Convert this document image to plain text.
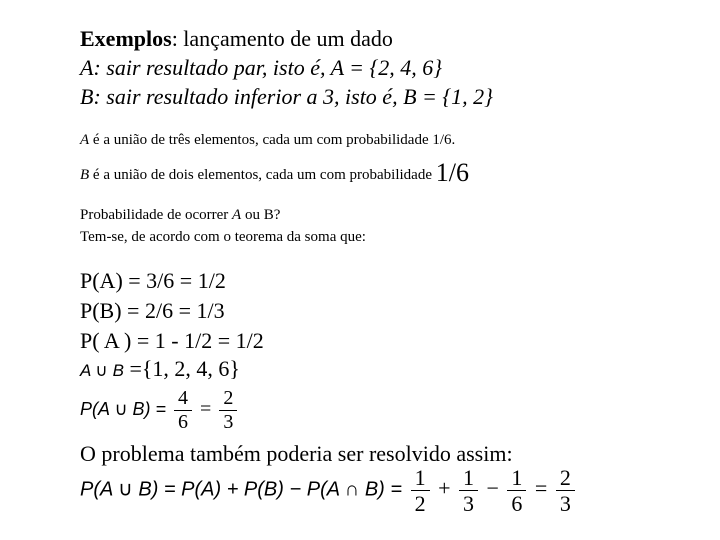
Exemplos: lançamento de um dado
A: sair resultado par, isto é, A = {2, 4, 6}
B: sair resultado inferior a 3, isto é, B = {1, 2}
A é a união de três elementos, cada um com probabilidade 1/6.
B é a união de dois elementos, cada um com probabilidade 1/6
Probabilidade de ocorrer A ou B?
Tem-se, de acordo com o teorema da soma que:
P(A) = 3/6 = 1/2
P(B) = 2/6 = 1/3
P( A ) = 1 - 1/2 = 1/2
A ∪ B ={1, 2, 4, 6}
P(A ∪ $B) = \frac{4}{6} = \frac{2}{3}$
O problema também poderia ser resolvido assim:
P(A ∪ B) = P(A) + P(B) − P(A ∩ $B) = \frac{1}{2} + \frac{1}{3} - \frac{1}{6} = \frac{2}{3}$
